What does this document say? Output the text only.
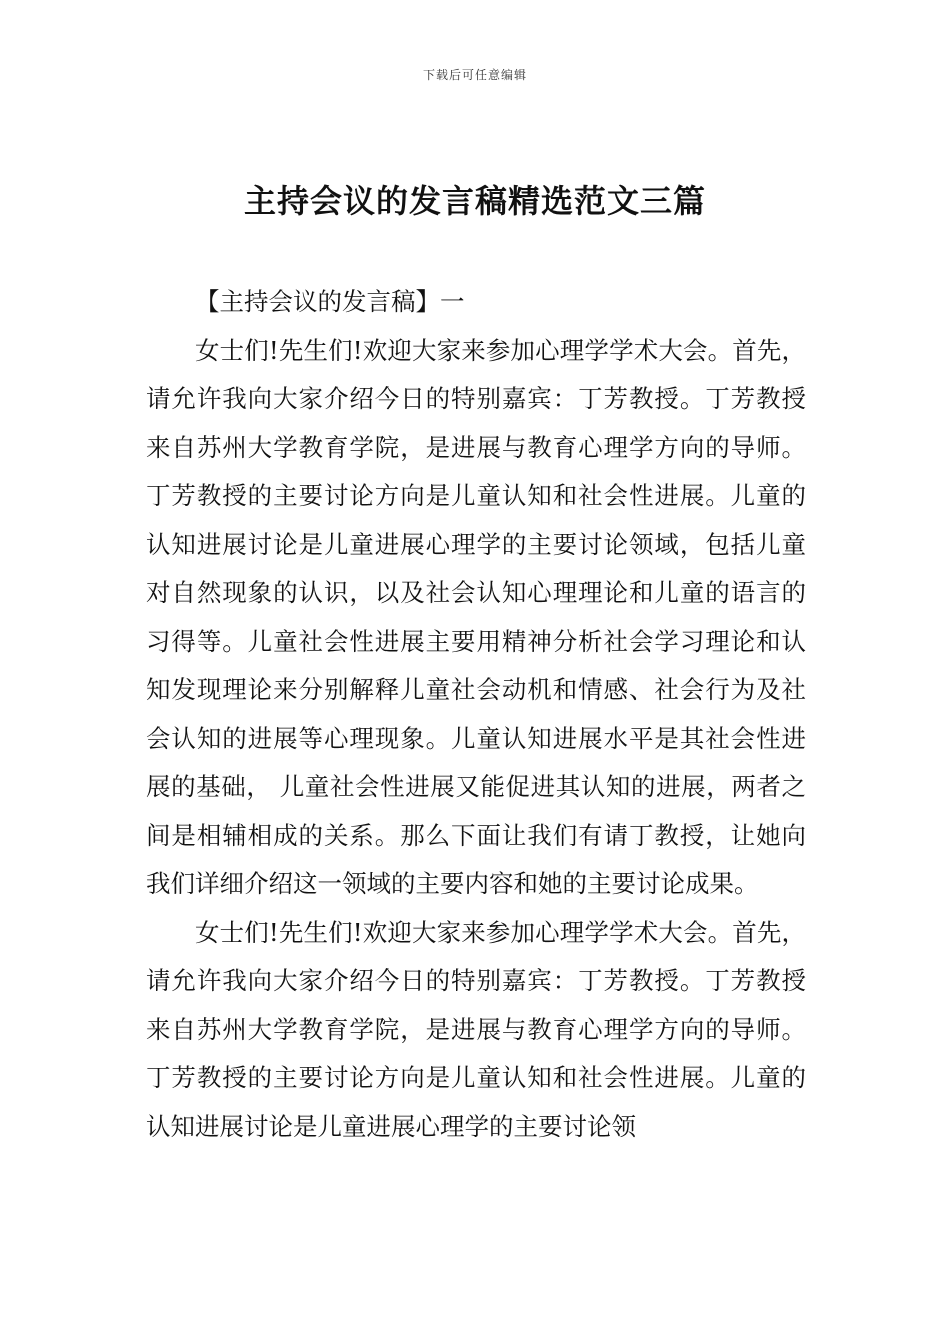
下载后可任意编辑
主持会议的发言稿精选范文三篇

【主持会议的发言稿】一

女士们!先生们!欢迎大家来参加心理学学术大会。首先，请允许我向大家介绍今日的特别嘉宾：丁芳教授。丁芳教授来自苏州大学教育学院，是进展与教育心理学方向的导师。丁芳教授的主要讨论方向是儿童认知和社会性进展。儿童的认知进展讨论是儿童进展心理学的主要讨论领域，包括儿童对自然现象的认识，以及社会认知心理理论和儿童的语言的习得等。儿童社会性进展主要用精神分析社会学习理论和认知发现理论来分别解释儿童社会动机和情感、社会行为及社会认知的进展等心理现象。儿童认知进展水平是其社会性进展的基础， 儿童社会性进展又能促进其认知的进展，两者之间是相辅相成的关系。那么下面让我们有请丁教授，让她向我们详细介绍这一领域的主要内容和她的主要讨论成果。

女士们!先生们!欢迎大家来参加心理学学术大会。首先，请允许我向大家介绍今日的特别嘉宾：丁芳教授。丁芳教授来自苏州大学教育学院，是进展与教育心理学方向的导师。丁芳教授的主要讨论方向是儿童认知和社会性进展。儿童的认知进展讨论是儿童进展心理学的主要讨论领
